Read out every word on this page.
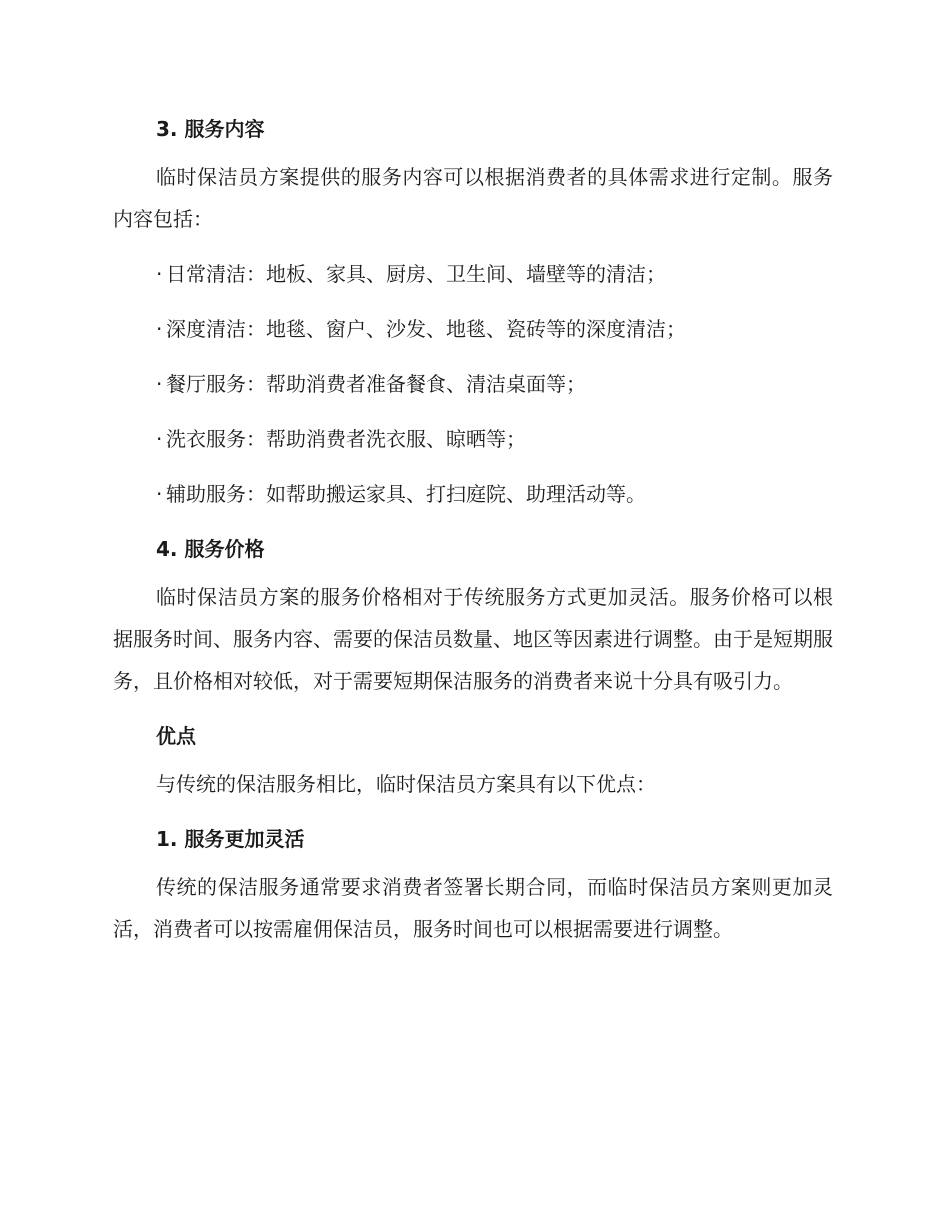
3. 服务内容

临时保洁员方案提供的服务内容可以根据消费者的具体需求进行定制。服务内容包括：

· 日常清洁：地板、家具、厨房、卫生间、墙壁等的清洁；
· 深度清洁：地毯、窗户、沙发、地毯、瓷砖等的深度清洁；
· 餐厅服务：帮助消费者准备餐食、清洁桌面等；
· 洗衣服务：帮助消费者洗衣服、晾晒等；
· 辅助服务：如帮助搬运家具、打扫庭院、助理活动等。

4. 服务价格

临时保洁员方案的服务价格相对于传统服务方式更加灵活。服务价格可以根据服务时间、服务内容、需要的保洁员数量、地区等因素进行调整。由于是短期服务，且价格相对较低，对于需要短期保洁服务的消费者来说十分具有吸引力。

优点

与传统的保洁服务相比，临时保洁员方案具有以下优点：

1. 服务更加灵活

传统的保洁服务通常要求消费者签署长期合同，而临时保洁员方案则更加灵活，消费者可以按需雇佣保洁员，服务时间也可以根据需要进行调整。
